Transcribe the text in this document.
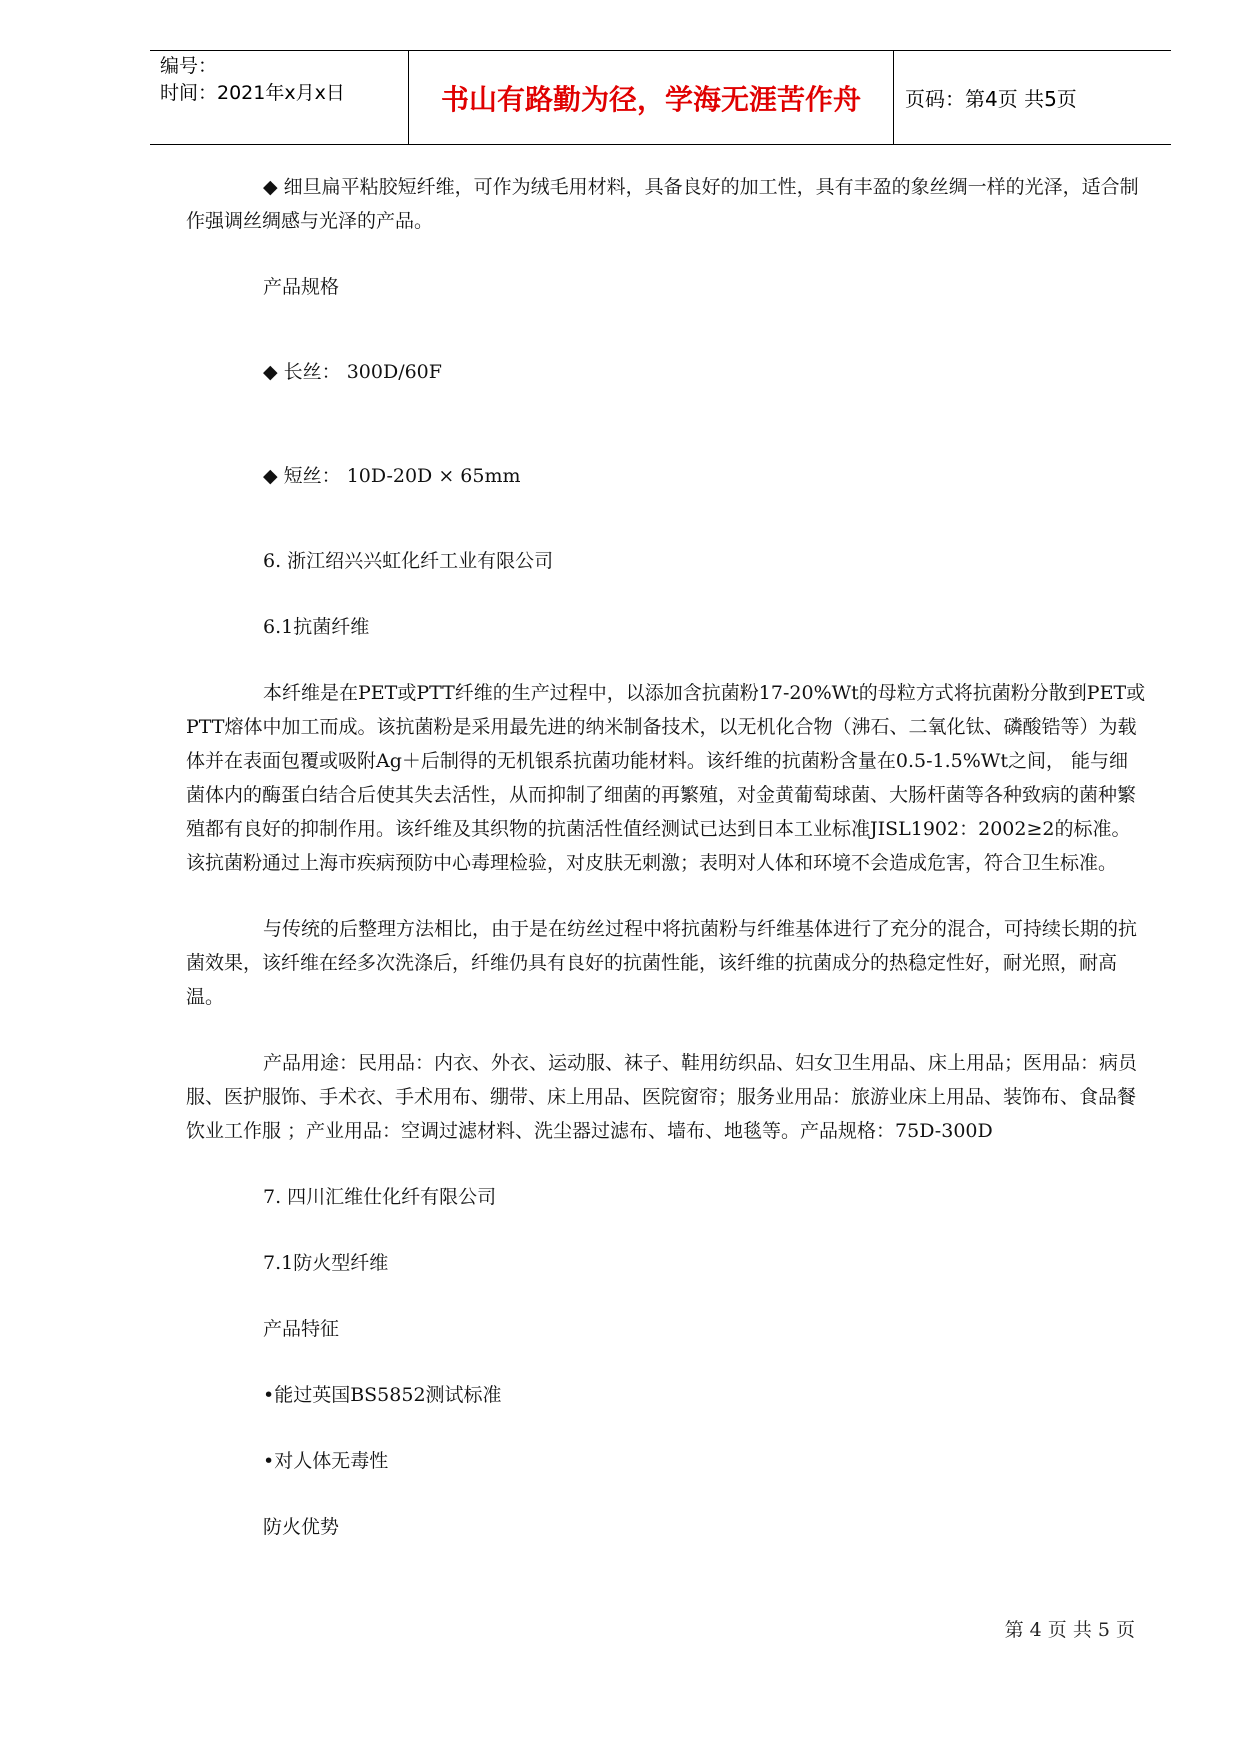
编号：
时间：2021年x月x日	书山有路勤为径，学海无涯苦作舟	页码：第4页 共5页

◆ 细旦扁平粘胶短纤维，可作为绒毛用材料，具备良好的加工性，具有丰盈的象丝绸一样的光泽，适合制作强调丝绸感与光泽的产品。

产品规格

◆ 长丝： 300D/60F

◆ 短丝： 10D-20D × 65mm

6. 浙江绍兴兴虹化纤工业有限公司

6.1抗菌纤维

本纤维是在PET或PTT纤维的生产过程中，以添加含抗菌粉17-20%Wt的母粒方式将抗菌粉分散到PET或PTT熔体中加工而成。该抗菌粉是采用最先进的纳米制备技术，以无机化合物（沸石、二氧化钛、磷酸锆等）为载体并在表面包覆或吸附Ag＋后制得的无机银系抗菌功能材料。该纤维的抗菌粉含量在0.5-1.5%Wt之间， 能与细菌体内的酶蛋白结合后使其失去活性，从而抑制了细菌的再繁殖，对金黄葡萄球菌、大肠杆菌等各种致病的菌种繁殖都有良好的抑制作用。该纤维及其织物的抗菌活性值经测试已达到日本工业标准JISL1902：2002≥2的标准。该抗菌粉通过上海市疾病预防中心毒理检验，对皮肤无刺激；表明对人体和环境不会造成危害，符合卫生标准。

与传统的后整理方法相比，由于是在纺丝过程中将抗菌粉与纤维基体进行了充分的混合，可持续长期的抗菌效果，该纤维在经多次洗涤后，纤维仍具有良好的抗菌性能，该纤维的抗菌成分的热稳定性好，耐光照，耐高温。

产品用途：民用品：内衣、外衣、运动服、袜子、鞋用纺织品、妇女卫生用品、床上用品；医用品：病员服、医护服饰、手术衣、手术用布、绷带、床上用品、医院窗帘；服务业用品：旅游业床上用品、装饰布、食品餐饮业工作服 ；产业用品：空调过滤材料、洗尘器过滤布、墙布、地毯等。产品规格：75D-300D

7. 四川汇维仕化纤有限公司

7.1防火型纤维

产品特征

•能过英国BS5852测试标准

•对人体无毒性

防火优势

第 4 页 共 5 页
